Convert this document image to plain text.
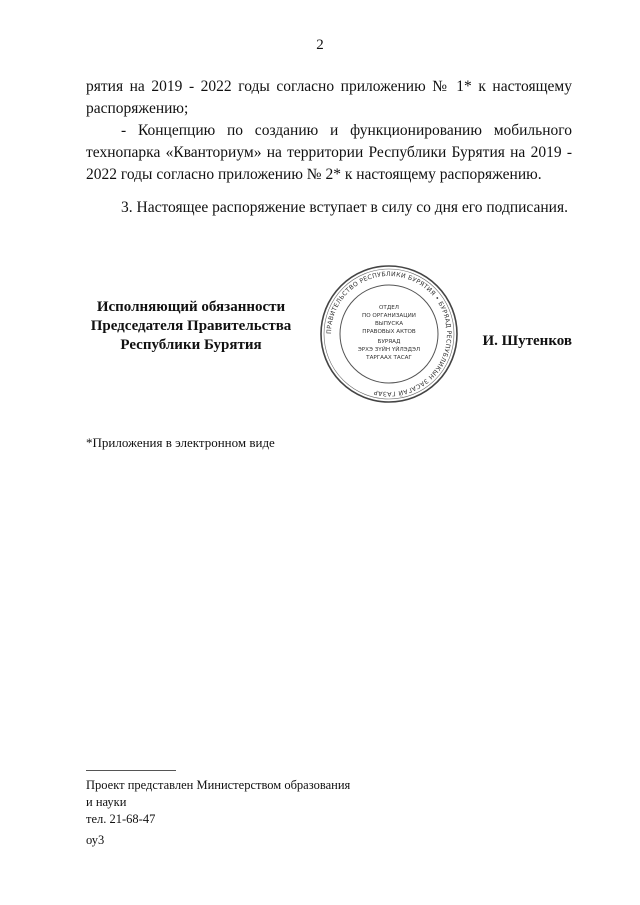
2

рятия на 2019 - 2022 годы согласно приложению № 1* к настоящему распоряжению;

- Концепцию по созданию и функционированию мобильного технопарка «Кванториум» на территории Республики Бурятия на 2019 - 2022 годы согласно приложению № 2* к настоящему распоряжению.

3. Настоящее распоряжение вступает в силу со дня его подписания.

Исполняющий обязанности
Председателя Правительства
Республики Бурятия
ПРАВИТЕЛЬСТВО РЕСПУБЛИКИ БУРЯТИЯ • БУРЯАД РЕСПУБЛИКЫН ЗАСАГАЙ ГАЗАР
ОТДЕЛ
ПО ОРГАНИЗАЦИИ
ВЫПУСКА
ПРАВОВЫХ АКТОВ
БУРЯАД
ЭРХЭ ЗҮЙН ҮЙЛЭДЭЛ
ТАРГААХ ТАСАГ
И. Шутенков
*Приложения в электронном виде
Проект представлен Министерством образования
и науки
тел. 21-68-47
оу3
